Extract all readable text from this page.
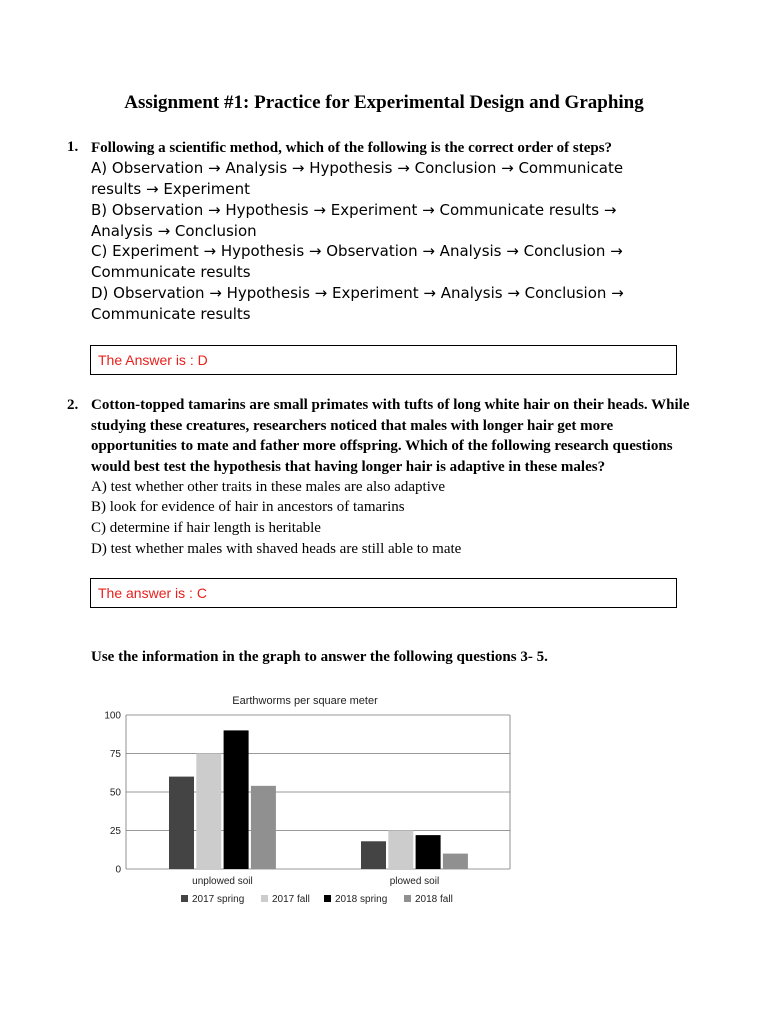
Assignment #1: Practice for Experimental Design and Graphing
1. Following a scientific method, which of the following is the correct order of steps?
A) Observation → Analysis → Hypothesis → Conclusion → Communicate results → Experiment
B) Observation → Hypothesis → Experiment → Communicate results → Analysis → Conclusion
C) Experiment → Hypothesis → Observation → Analysis → Conclusion → Communicate results
D) Observation → Hypothesis → Experiment → Analysis → Conclusion → Communicate results
The Answer is : D
2. Cotton-topped tamarins are small primates with tufts of long white hair on their heads. While studying these creatures, researchers noticed that males with longer hair get more opportunities to mate and father more offspring. Which of the following research questions would best test the hypothesis that having longer hair is adaptive in these males?
A) test whether other traits in these males are also adaptive
B) look for evidence of hair in ancestors of tamarins
C) determine if hair length is heritable
D) test whether males with shaved heads are still able to mate
The answer is : C
Use the information in the graph to answer the following questions 3- 5.
Earthworms per square meter
100
75
50
25
0
unplowed soil	plowed soil
2017 spring	2017 fall	2018 spring	2018 fall
